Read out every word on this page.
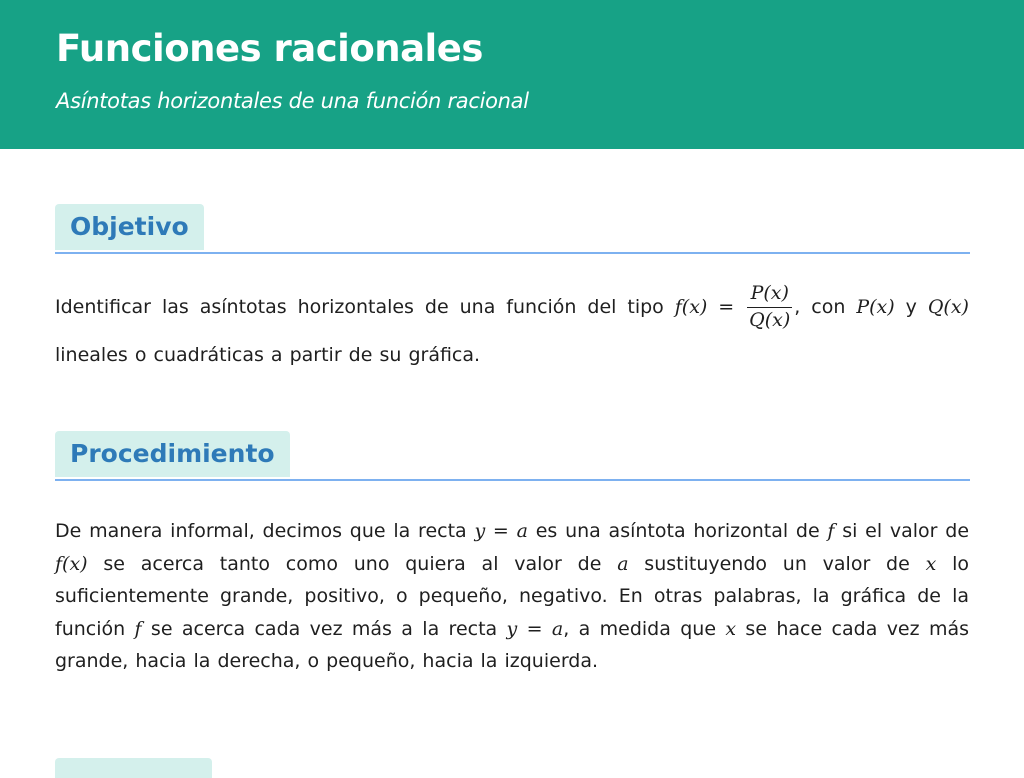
Funciones racionales
Asíntotas horizontales de una función racional
Objetivo
Identificar las asíntotas horizontales de una función del tipo $f(x) = \frac{P(x)}{Q(x)}$ , con P(x) y Q(x) lineales o cuadráticas a partir de su gráfica.
Procedimiento
De manera informal, decimos que la recta y = a es una asíntota horizontal de f si el valor de f(x) se acerca tanto como uno quiera al valor de a sustituyendo un valor de x lo suficientemente grande, positivo, o pequeño, negativo. En otras palabras, la gráfica de la función f se acerca cada vez más a la recta y = a, a medida que x se hace cada vez más grande, hacia la derecha, o pequeño, hacia la izquierda.
